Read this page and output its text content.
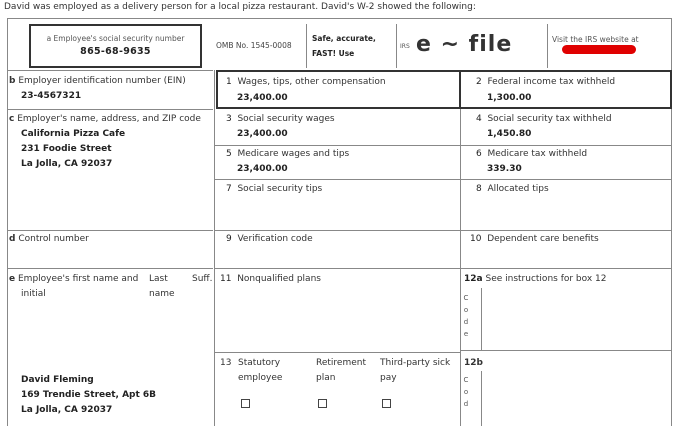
David was employed as a delivery person for a local pizza restaurant. David's W-2 showed the following:
a Employee's social security number
865-68-9635
OMB No. 1545-0008
Safe, accurate,
FAST! Use
IRS e ~ file	Visit the IRS website at
b Employer identification number (EIN)
23-4567321
c Employer's name, address, and ZIP code
California Pizza Cafe
231 Foodie Street
La Jolla, CA 92037
d Control number
e Employee's first name and
initial
Last
name
Suff.
David Fleming
169 Trendie Street, Apt 6B
La Jolla, CA 92037
1 Wages, tips, other compensation
23,400.00
2 Federal income tax withheld
1,300.00
3 Social security wages
23,400.00
4 Social security tax withheld
1,450.80
5 Medicare wages and tips
23,400.00
6 Medicare tax withheld
339.30
7 Social security tips	8 Allocated tips
9 Verification code	10 Dependent care benefits
11 Nonqualified plans	12a See instructions for box 12
C
o
d
e
12b
C
o
d
13 Statutory
employee
Retirement
plan
Third-party sick
pay
